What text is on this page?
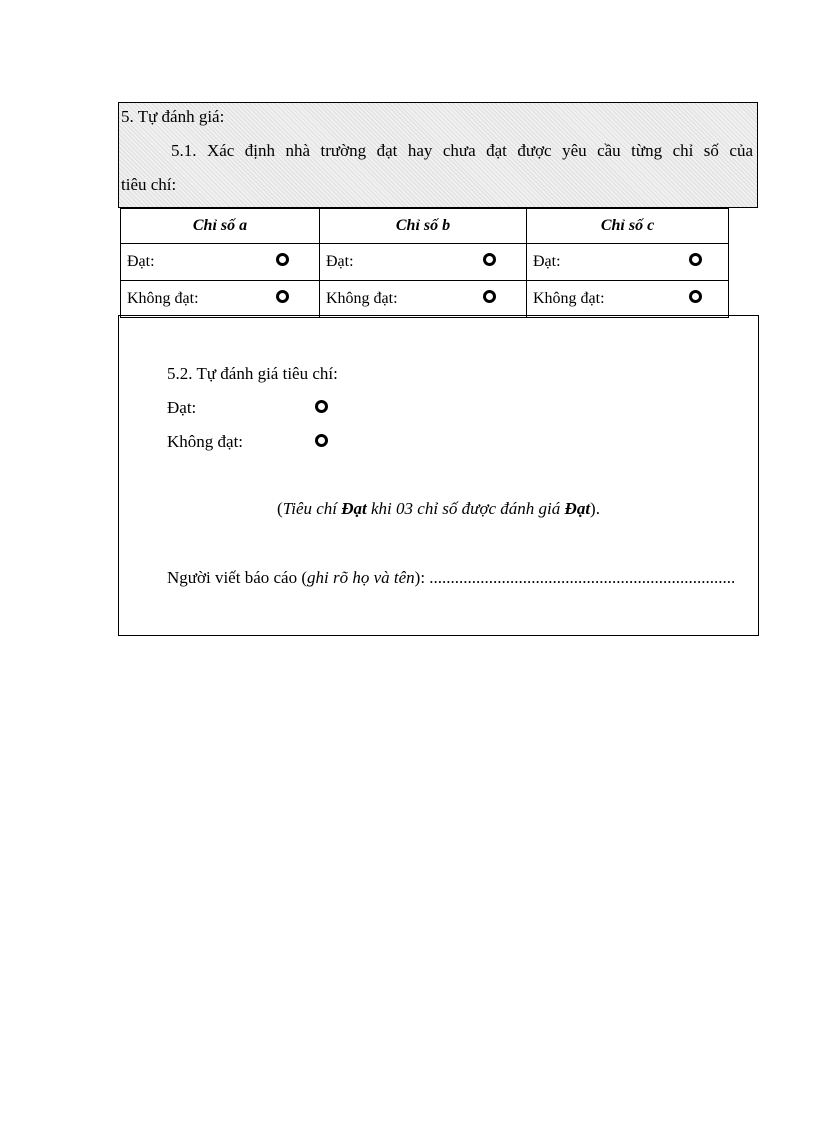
5. Tự đánh giá:
5.1. Xác định nhà trường đạt hay chưa đạt được yêu cầu từng chỉ số của
tiêu chí:
Chỉ số a	Chỉ số b	Chỉ số c
Đạt:	Đạt:	Đạt:

Không đạt:	Không đạt:	Không đạt:
5.2. Tự đánh giá tiêu chí:
Đạt:
Không đạt:
(Tiêu chí Đạt khi 03 chỉ số được đánh giá Đạt).
Người viết báo cáo (ghi rõ họ và tên): ........................................................................
